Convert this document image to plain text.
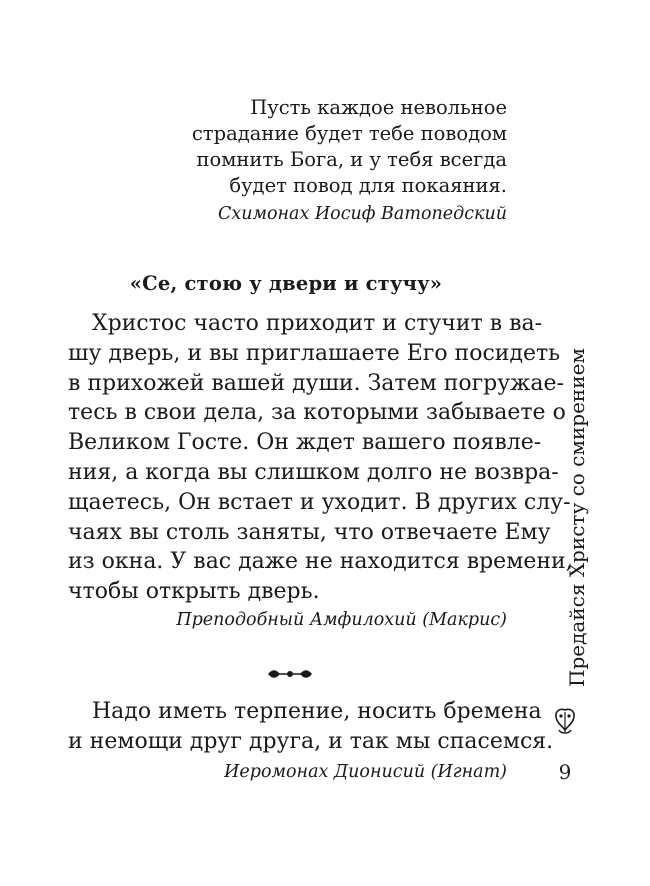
Пусть каждое невольное
страдание будет тебе поводом
помнить Бога, и у тебя всегда
будет повод для покаяния.
Схимонах Иосиф Ватопедский
«Се, стою у двери и стучу»
Христос часто приходит и стучит в ва-
шу дверь, и вы приглашаете Его посидеть
в прихожей вашей души. Затем погружае-
тесь в свои дела, за которыми забываете о
Великом Госте. Он ждет вашего появле-
ния, а когда вы слишком долго не возвра-
щаетесь, Он встает и уходит. В других слу-
чаях вы столь заняты, что отвечаете Ему
из окна. У вас даже не находится времени,
чтобы открыть дверь.
Преподобный Амфилохий (Макрис)
Надо иметь терпение, носить бремена
и немощи друг друга, и так мы спасемся.
Иеромонах Дионисий (Игнат)
Предайся Христу со смирением
9
